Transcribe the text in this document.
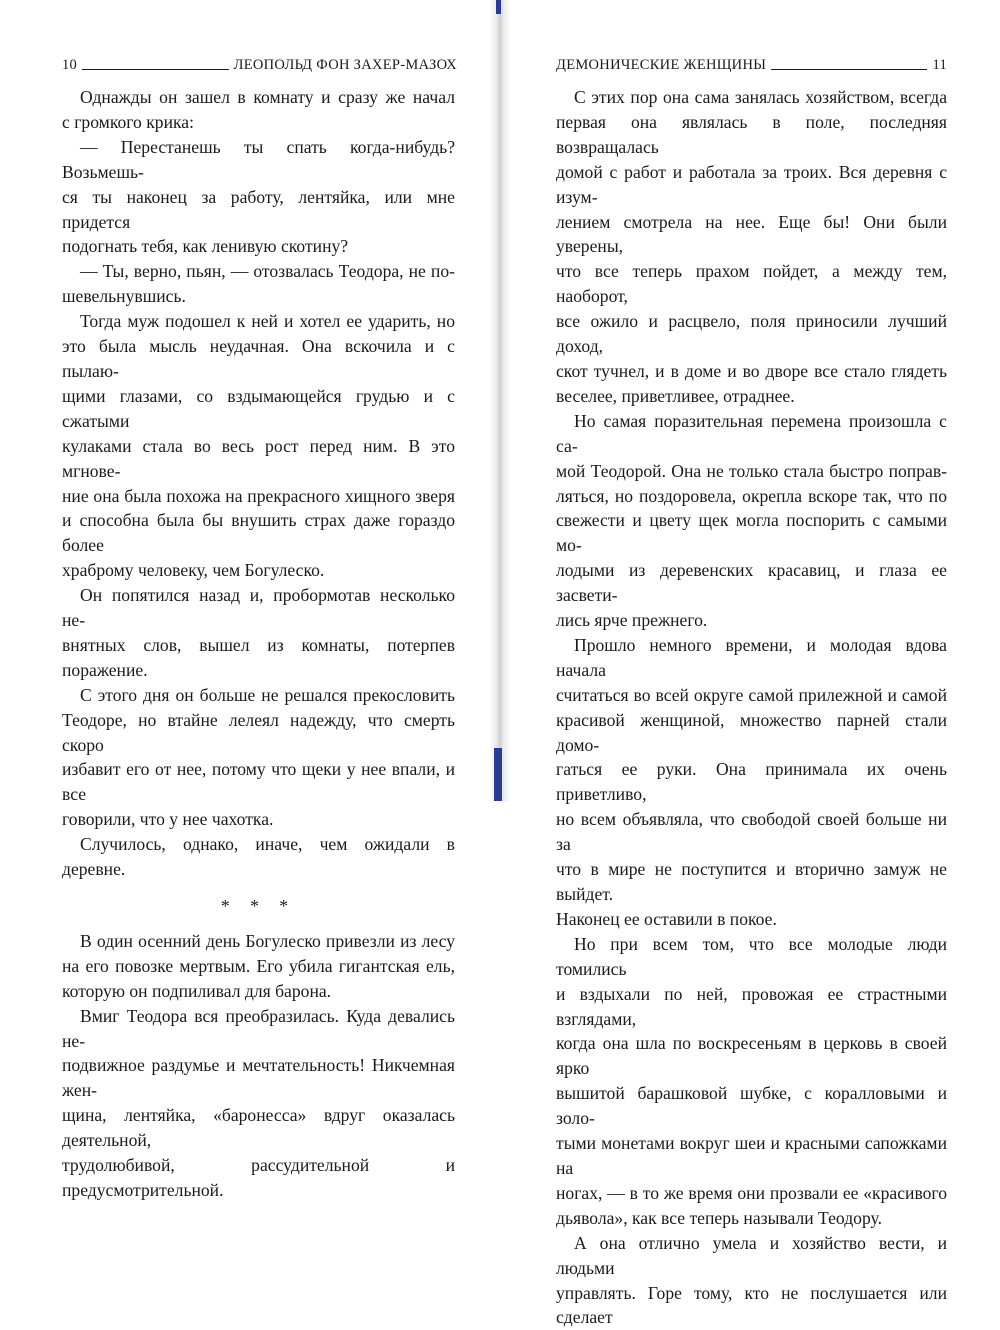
10	ЛЕОПОЛЬД ФОН ЗАХЕР-МАЗОХ

Однажды он зашел в комнату и сразу же начал

с громкого крика:

— Перестанешь ты спать когда-нибудь? Возьмешь-

ся ты наконец за работу, лентяйка, или мне придется

подогнать тебя, как ленивую скотину?

— Ты, верно, пьян, — отозвалась Теодора, не по-

шевельнувшись.

Тогда муж подошел к ней и хотел ее ударить, но

это была мысль неудачная. Она вскочила и с пылаю-

щими глазами, со вздымающейся грудью и с сжатыми

кулаками стала во весь рост перед ним. В это мгнове-

ние она была похожа на прекрасного хищного зверя

и способна была бы внушить страх даже гораздо более

храброму человеку, чем Богулеско.

Он попятился назад и, пробормотав несколько не-

внятных слов, вышел из комнаты, потерпев поражение.

С этого дня он больше не решался прекословить

Теодоре, но втайне лелеял надежду, что смерть скоро

избавит его от нее, потому что щеки у нее впали, и все

говорили, что у нее чахотка.

Случилось, однако, иначе, чем ожидали в деревне.

* * *

В один осенний день Богулеско привезли из лесу

на его повозке мертвым. Его убила гигантская ель,

которую он подпиливал для барона.

Вмиг Теодора вся преобразилась. Куда девались не-

подвижное раздумье и мечтательность! Никчемная жен-

щина, лентяйка, «баронесса» вдруг оказалась деятельной,

трудолюбивой, рассудительной и предусмотрительной.

ДЕМОНИЧЕСКИЕ ЖЕНЩИНЫ	11

С этих пор она сама занялась хозяйством, всегда

первая она являлась в поле, последняя возвращалась

домой с работ и работала за троих. Вся деревня с изум-

лением смотрела на нее. Еще бы! Они были уверены,

что все теперь прахом пойдет, а между тем, наоборот,

все ожило и расцвело, поля приносили лучший доход,

скот тучнел, и в доме и во дворе все стало глядеть

веселее, приветливее, отраднее.

Но самая поразительная перемена произошла с са-

мой Теодорой. Она не только стала быстро поправ-

ляться, но поздоровела, окрепла вскоре так, что по

свежести и цвету щек могла поспорить с самыми мо-

лодыми из деревенских красавиц, и глаза ее засвети-

лись ярче прежнего.

Прошло немного времени, и молодая вдова начала

считаться во всей округе самой прилежной и самой

красивой женщиной, множество парней стали домо-

гаться ее руки. Она принимала их очень приветливо,

но всем объявляла, что свободой своей больше ни за

что в мире не поступится и вторично замуж не выйдет.

Наконец ее оставили в покое.

Но при всем том, что все молодые люди томились

и вздыхали по ней, провожая ее страстными взглядами,

когда она шла по воскресеньям в церковь в своей ярко

вышитой барашковой шубке, с коралловыми и золо-

тыми монетами вокруг шеи и красными сапожками на

ногах, — в то же время они прозвали ее «красивого

дьявола», как все теперь называли Теодору.

А она отлично умела и хозяйство вести, и людьми

управлять. Горе тому, кто не послушается или сделает
